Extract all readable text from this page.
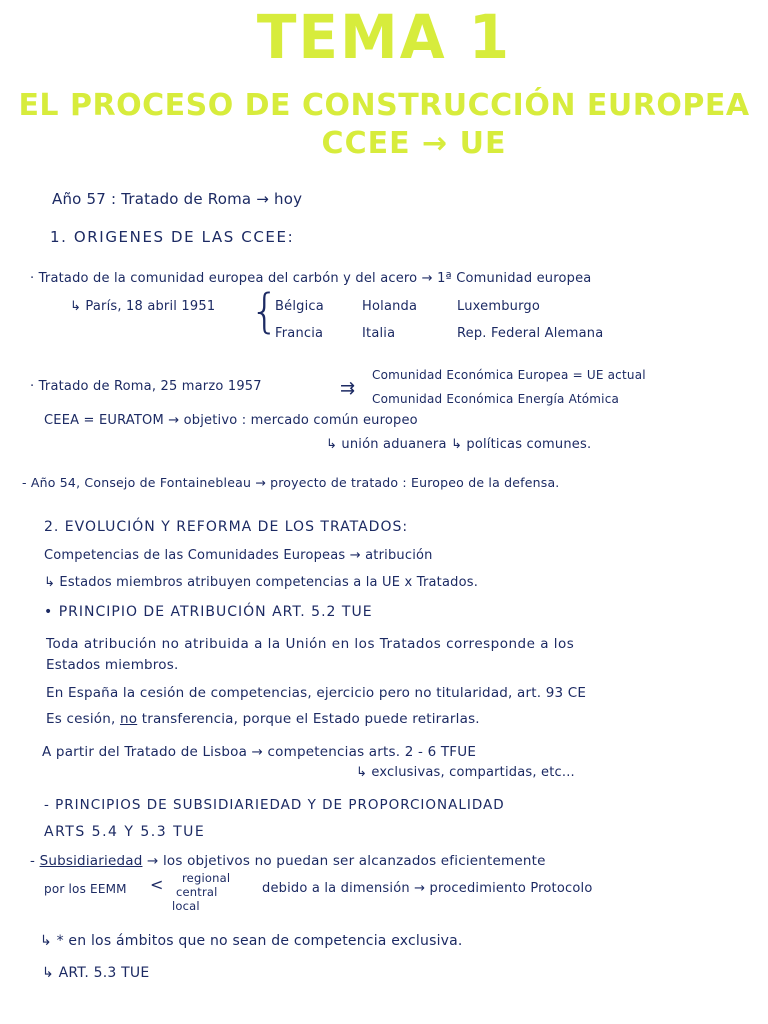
TEMA 1
EL PROCESO DE CONSTRUCCIÓN EUROPEA
CCEE → UE
Año 57 : Tratado de Roma → hoy
1. ORIGENES DE LAS CCEE:
· Tratado de la comunidad europea del carbón y del acero → 1ª Comunidad europea
↳ París, 18 abril 1951 {
Bélgica	Holanda	Luxemburgo
Francia	Italia	Rep. Federal Alemana
Comunidad Económica Europea = UE actual
· Tratado de Roma, 25 marzo 1957	⇉ Comunidad Económica Energía Atómica
CEEA = EURATOM → objetivo : mercado común europeo
↳ unión aduanera ↳ políticas comunes.
- Año 54, Consejo de Fontainebleau → proyecto de tratado : Europeo de la defensa.
2. EVOLUCIÓN Y REFORMA DE LOS TRATADOS:
Competencias de las Comunidades Europeas → atribución
↳ Estados miembros atribuyen competencias a la UE x Tratados.
• PRINCIPIO DE ATRIBUCIÓN ART. 5.2 TUE
Toda atribución no atribuida a la Unión en los Tratados corresponde a los
Estados miembros.
En España la cesión de competencias, ejercicio pero no titularidad, art. 93 CE
Es cesión, no transferencia, porque el Estado puede retirarlas.
A partir del Tratado de Lisboa → competencias arts. 2 - 6 TFUE
↳ exclusivas, compartidas, etc...
- PRINCIPIOS DE SUBSIDIARIEDAD Y DE PROPORCIONALIDAD
ARTS 5.4 Y 5.3 TUE
- Subsidiariedad → los objetivos no puedan ser alcanzados eficientemente
por los EEMM < regional
central
local
debido a la dimensión → procedimiento Protocolo
↳ * en los ámbitos que no sean de competencia exclusiva.
↳ ART. 5.3 TUE
